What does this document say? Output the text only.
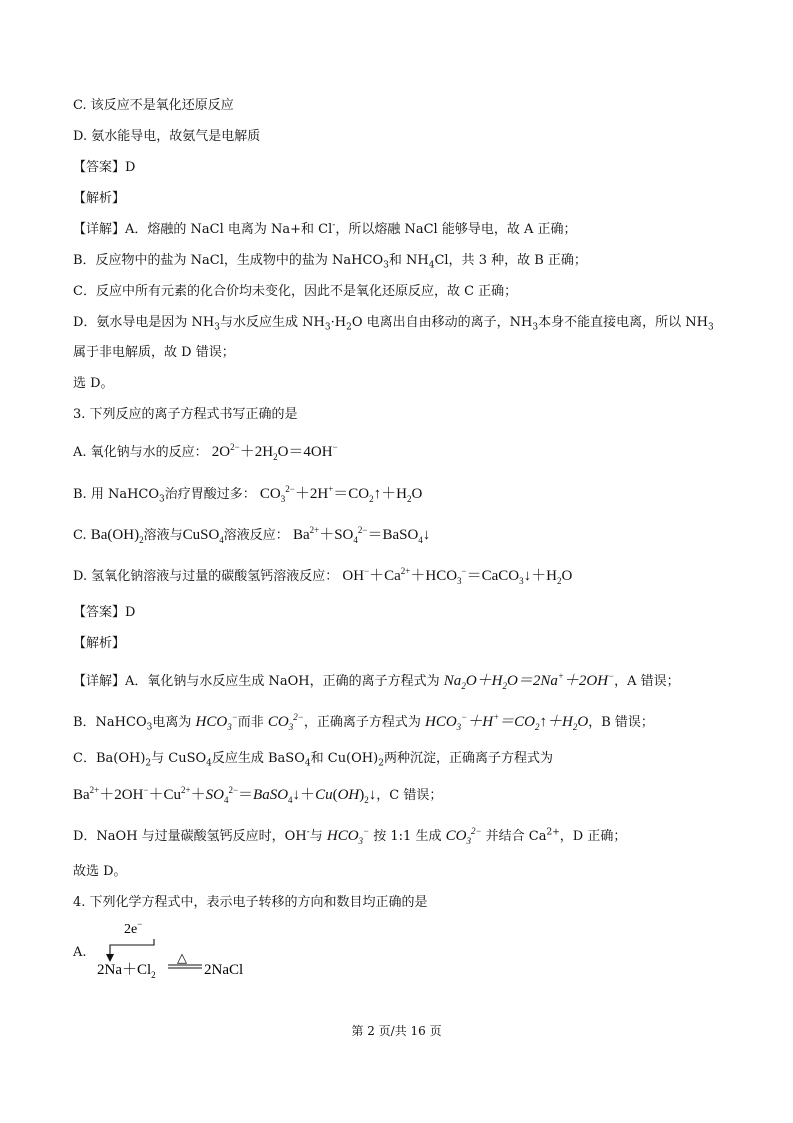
C. 该反应不是氧化还原反应
D. 氨水能导电，故氨气是电解质
【答案】D
【解析】
【详解】A．熔融的 NaCl 电离为 Na+和 Cl-，所以熔融 NaCl 能够导电，故 A 正确；
B．反应物中的盐为 NaCl，生成物中的盐为 NaHCO$_3$和 $NH_4Cl$，共 3 种，故 B 正确；
C．反应中所有元素的化合价均未变化，因此不是氧化还原反应，故 C 正确；
D．氨水导电是因为 $NH_3$与水反应生成 $NH_3\cdot H_2O$ 电离出自由移动的离子，$NH_3$本身不能直接电离，所以 $NH_3$
属于非电解质，故 D 错误；
选 D。
3. 下列反应的离子方程式书写正确的是
A. 氧化钠与水的反应： $2O^{2-}+2H_2O=4OH^-$
B. 用 NaHCO$_3$治疗胃酸过多： $CO_3^{2-}+2H^+=CO_2↑+H_2O$
C. $Ba(OH)_2$溶液与CuSO$_4$溶液反应： $Ba^{2+}+SO_4^{2-}=BaSO_4↓$
D. 氢氧化钠溶液与过量的碳酸氢钙溶液反应： $OH^-+Ca^{2+}+HCO_3^-=CaCO_3↓+H_2O$
【答案】D
【解析】
【详解】A．氧化钠与水反应生成 NaOH，正确的离子方程式为 $Na_2O+H_2O=2Na^++2OH^-$，A 错误；
B．NaHCO$_3$电离为 $HCO_3^-$而非 $CO_3^{2-}$，正确离子方程式为 $HCO_3^-+H^+=CO_2↑+H_2O$，B 错误；
C．$Ba(OH)_2$与 CuSO$_4$反应生成 BaSO$_4$和 $Cu(OH)_2$两种沉淀，正确离子方程式为
$Ba^{2+}+2OH^-+Cu^{2+}+SO_4^{2-}=BaSO_4↓+Cu(OH)_2↓$，C 错误；
D．NaOH 与过量碳酸氢钙反应时，OH-与 $HCO_3^-$ 按 1:1 生成 $CO_3^{2-}$ 并结合 $Ca^{2+}$，D 正确；
故选 D。
4. 下列化学方程式中，表示电子转移的方向和数目均正确的是
A.
2e−
$2Na+Cl_2$
△
2NaCl
第 2 页/共 16 页
